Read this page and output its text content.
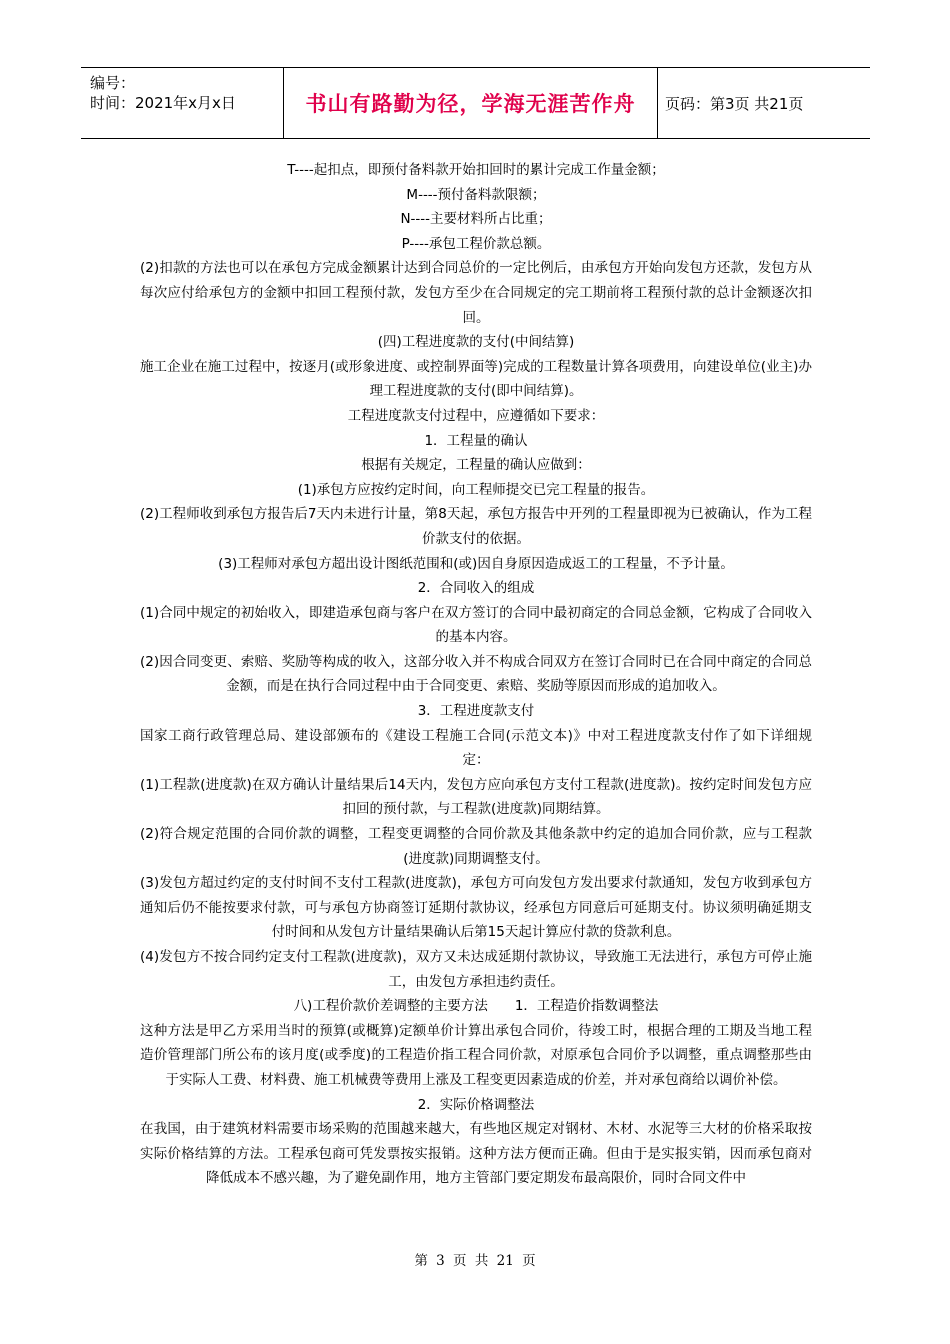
编号：
时间：2021年x月x日	书山有路勤为径，学海无涯苦作舟 页码：第3页 共21页

T----起扣点，即预付备料款开始扣回时的累计完成工作量金额；

M----预付备料款限额；

N----主要材料所占比重；

P----承包工程价款总额。

(2)扣款的方法也可以在承包方完成金额累计达到合同总价的一定比例后，由承包方开始向发包方还款，发包方从每次应付给承包方的金额中扣回工程预付款，发包方至少在合同规定的完工期前将工程预付款的总计金额逐次扣回。

(四)工程进度款的支付(中间结算)

施工企业在施工过程中，按逐月(或形象进度、或控制界面等)完成的工程数量计算各项费用，向建设单位(业主)办理工程进度款的支付(即中间结算)。

工程进度款支付过程中，应遵循如下要求：

1．工程量的确认

根据有关规定，工程量的确认应做到：

(1)承包方应按约定时间，向工程师提交已完工程量的报告。

(2)工程师收到承包方报告后7天内未进行计量，第8天起，承包方报告中开列的工程量即视为已被确认，作为工程价款支付的依据。

(3)工程师对承包方超出设计图纸范围和(或)因自身原因造成返工的工程量，不予计量。

2．合同收入的组成

(1)合同中规定的初始收入，即建造承包商与客户在双方签订的合同中最初商定的合同总金额，它构成了合同收入的基本内容。

(2)因合同变更、索赔、奖励等构成的收入，这部分收入并不构成合同双方在签订合同时已在合同中商定的合同总金额，而是在执行合同过程中由于合同变更、索赔、奖励等原因而形成的追加收入。

3．工程进度款支付

国家工商行政管理总局、建设部颁布的《建设工程施工合同(示范文本)》中对工程进度款支付作了如下详细规定：

(1)工程款(进度款)在双方确认计量结果后14天内，发包方应向承包方支付工程款(进度款)。按约定时间发包方应扣回的预付款，与工程款(进度款)同期结算。

(2)符合规定范围的合同价款的调整，工程变更调整的合同价款及其他条款中约定的追加合同价款，应与工程款(进度款)同期调整支付。

(3)发包方超过约定的支付时间不支付工程款(进度款)，承包方可向发包方发出要求付款通知，发包方收到承包方通知后仍不能按要求付款，可与承包方协商签订延期付款协议，经承包方同意后可延期支付。协议须明确延期支付时间和从发包方计量结果确认后第15天起计算应付款的贷款利息。

(4)发包方不按合同约定支付工程款(进度款)，双方又未达成延期付款协议，导致施工无法进行，承包方可停止施工，由发包方承担违约责任。

八)工程价款价差调整的主要方法　　1．工程造价指数调整法

这种方法是甲乙方采用当时的预算(或概算)定额单价计算出承包合同价，待竣工时，根据合理的工期及当地工程造价管理部门所公布的该月度(或季度)的工程造价指工程合同价款，对原承包合同价予以调整，重点调整那些由于实际人工费、材料费、施工机械费等费用上涨及工程变更因素造成的价差，并对承包商给以调价补偿。

2．实际价格调整法

在我国，由于建筑材料需要市场采购的范围越来越大，有些地区规定对钢材、木材、水泥等三大材的价格采取按实际价格结算的方法。工程承包商可凭发票按实报销。这种方法方便而正确。但由于是实报实销，因而承包商对降低成本不感兴趣，为了避免副作用，地方主管部门要定期发布最高限价，同时合同文件中

第 3 页 共 21 页
